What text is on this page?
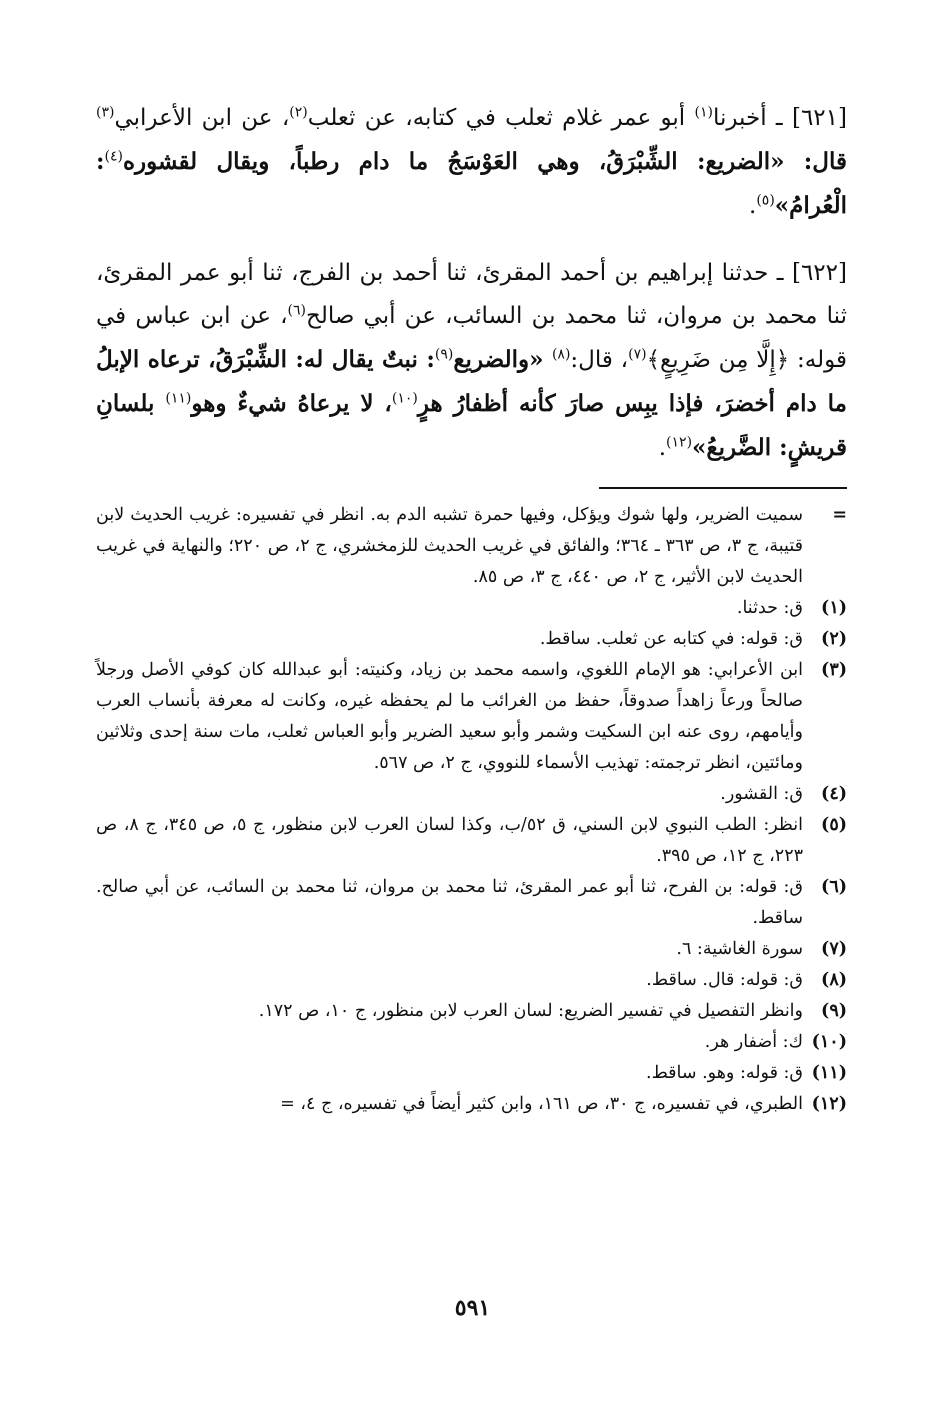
[٦٢١] ـ أخبرنا$^{(١)}$ أبو عمر غلام ثعلب في كتابه، عن ثعلب$^{(٢)}$، عن ابن الأعرابي$^{(٣)}$ قال: «الضريع: الشِّبْرَقُ، وهي العَوْسَجُ ما دام رطباً، ويقال لقشوره$^{(٤)}$: الْعُرامُ»$^{(٥)}$.

[٦٢٢] ـ حدثنا إبراهيم بن أحمد المقرئ، ثنا أحمد بن الفرج، ثنا أبو عمر المقرئ، ثنا محمد بن مروان، ثنا محمد بن السائب، عن أبي صالح$^{(٦)}$، عن ابن عباس في قوله: ﴿إِلَّا مِن ضَرِيعٍ﴾$^{(٧)}$، قال:$^{(٨)}$ «والضريع$^{(٩)}$: نبتٌ يقال له: الشِّبْرَقُ، ترعاه الإبلُ ما دام أخضرَ، فإذا يبِس صارَ كأنه أظفارُ هرٍ$^{(١٠)}$، لا يرعاهُ شيءٌ وهو$^{(١١)}$ بلسانِ قريشٍ: الضَّريعُ»$^{(١٢)}$.

=
سميت الضرير، ولها شوك ويؤكل، وفيها حمرة تشبه الدم به. انظر في تفسيره: غريب الحديث لابن قتيبة، ج ٣، ص ٣٦٣ ـ ٣٦٤؛ والفائق في غريب الحديث للزمخشري، ج ٢، ص ٢٢٠؛ والنهاية في غريب الحديث لابن الأثير، ج ٢، ص ٤٤٠، ج ٣، ص ٨٥.
(١)
ق: حدثنا.
(٢)
ق: قوله: في كتابه عن ثعلب. ساقط.
(٣)
ابن الأعرابي: هو الإمام اللغوي، واسمه محمد بن زياد، وكنيته: أبو عبدالله كان كوفي الأصل ورجلاً صالحاً ورعاً زاهداً صدوقاً، حفظ من الغرائب ما لم يحفظه غيره، وكانت له معرفة بأنساب العرب وأيامهم، روى عنه ابن السكيت وشمر وأبو سعيد الضرير وأبو العباس ثعلب، مات سنة إحدى وثلاثين ومائتين، انظر ترجمته: تهذيب الأسماء للنووي، ج ٢، ص ٥٦٧.
(٤)
ق: القشور.
(٥)
انظر: الطب النبوي لابن السني، ق ٥٢/ب، وكذا لسان العرب لابن منظور، ج ٥، ص ٣٤٥، ج ٨، ص ٢٢٣، ج ١٢، ص ٣٩٥.
(٦)
ق: قوله: بن الفرح، ثنا أبو عمر المقرئ، ثنا محمد بن مروان، ثنا محمد بن السائب، عن أبي صالح. ساقط.
(٧)
سورة الغاشية: ٦.
(٨)
ق: قوله: قال. ساقط.
(٩)
وانظر التفصيل في تفسير الضريع: لسان العرب لابن منظور، ج ١٠، ص ١٧٢.
(١٠)
ك: أضفار هر.
(١١)
ق: قوله: وهو. ساقط.
(١٢)
الطبري، في تفسيره، ج ٣٠، ص ١٦١، وابن كثير أيضاً في تفسيره، ج ٤، =
٥٩١
